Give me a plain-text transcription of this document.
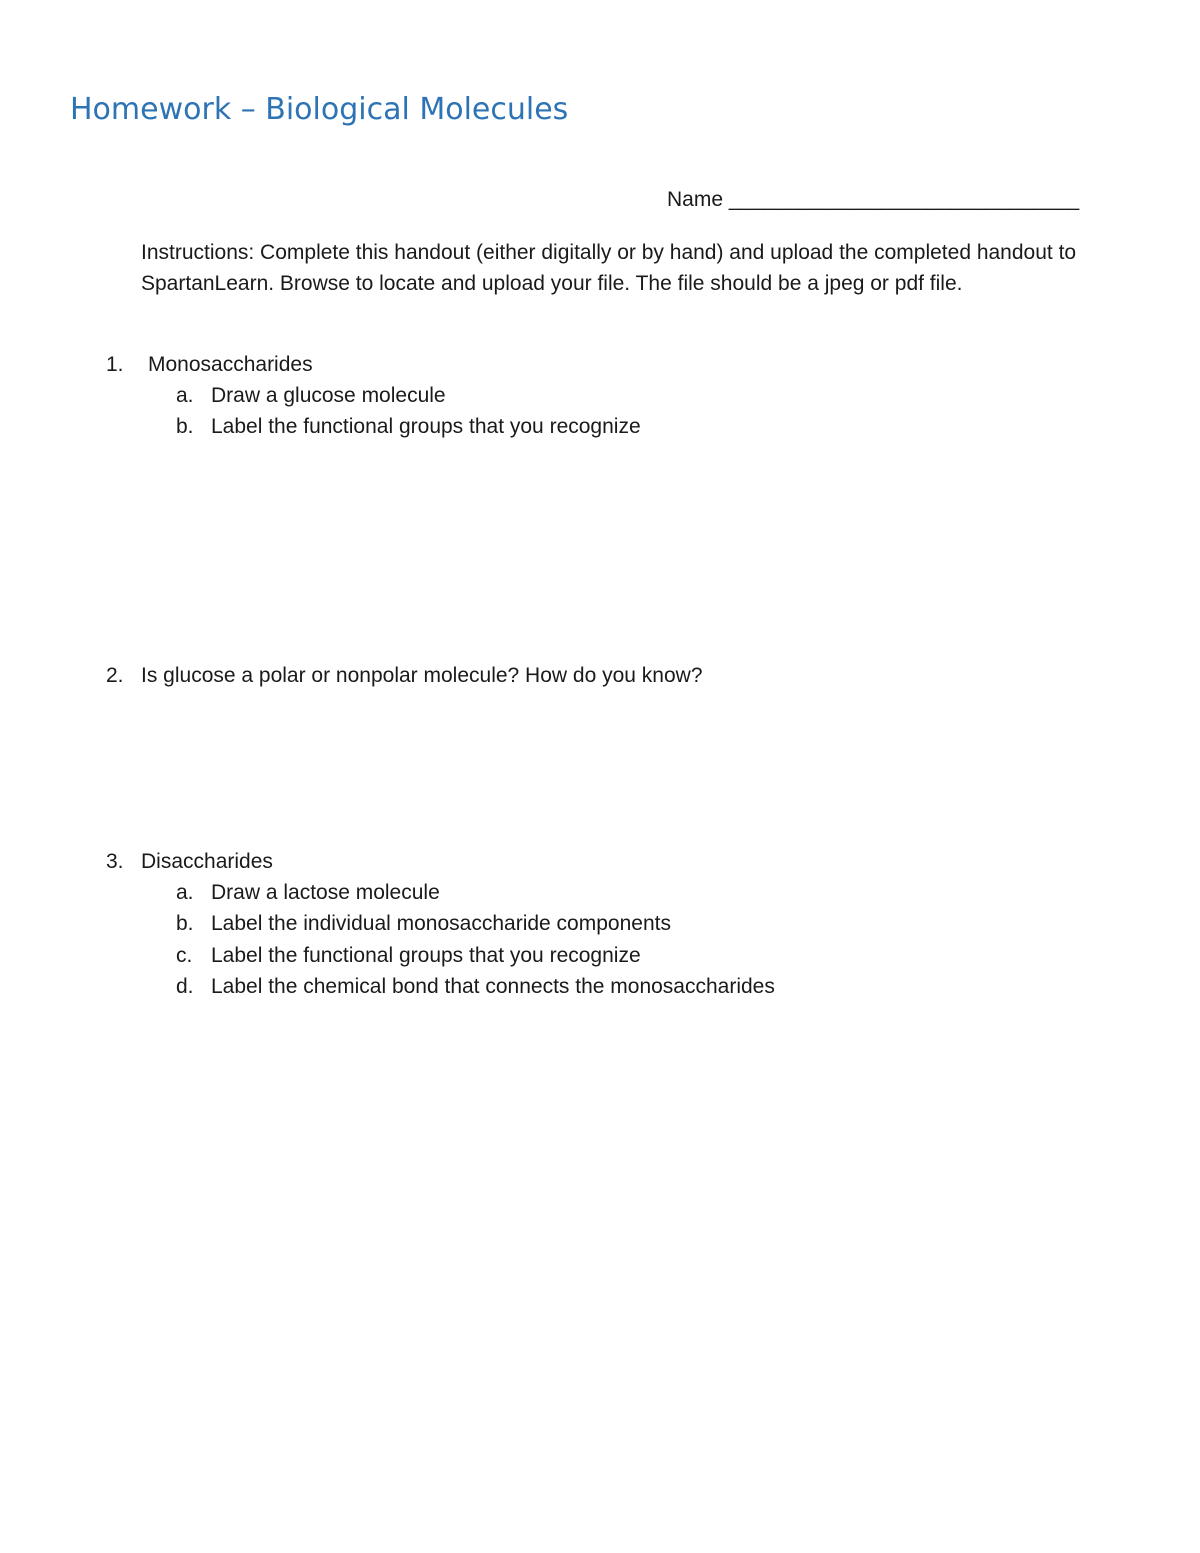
Homework – Biological Molecules
Name ______________________________
Instructions: Complete this handout (either digitally or by hand) and upload the completed handout to SpartanLearn. Browse to locate and upload your file. The file should be a jpeg or pdf file.
1. Monosaccharides
a. Draw a glucose molecule
b. Label the functional groups that you recognize
2. Is glucose a polar or nonpolar molecule? How do you know?
3. Disaccharides
a. Draw a lactose molecule
b. Label the individual monosaccharide components
c. Label the functional groups that you recognize
d. Label the chemical bond that connects the monosaccharides
